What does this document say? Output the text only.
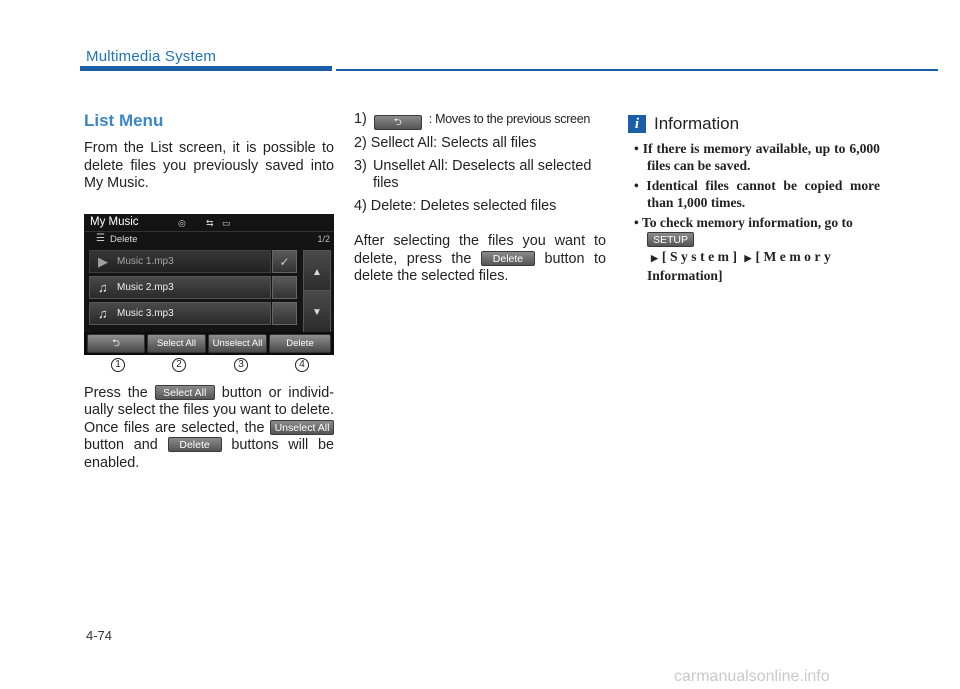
Multimedia System
List Menu
From the List screen, it is possible to delete files you previously saved into My Music.
My Music	◎ ⇆ ▭
☰ Delete	1/2
▶ Music 1.mp3	✓
♫ Music 2.mp3
♫ Music 3.mp3
▲
▼
⮌	Select All	Unselect All	Delete
1	2	3	4
Press the Select All button or individ-ually select the files you want to delete. Once files are selected, the Unselect Allbutton and Delete buttons will be enabled.
1)	⮌ : Moves to the previous screen
2) Sellect All: Selects all files
3) Unsellet All: Deselects all selected files
4) Delete: Deletes selected files
After selecting the files you want to delete, press the Delete button to delete the selected files.
i Information
• If there is memory available, up to 6,000 files can be saved.
• Identical files cannot be copied more than 1,000 times.
• To check memory information, go to
SETUP▶ [System] ▶ [Memory
Information]
4-74
carmanualsonline.info
